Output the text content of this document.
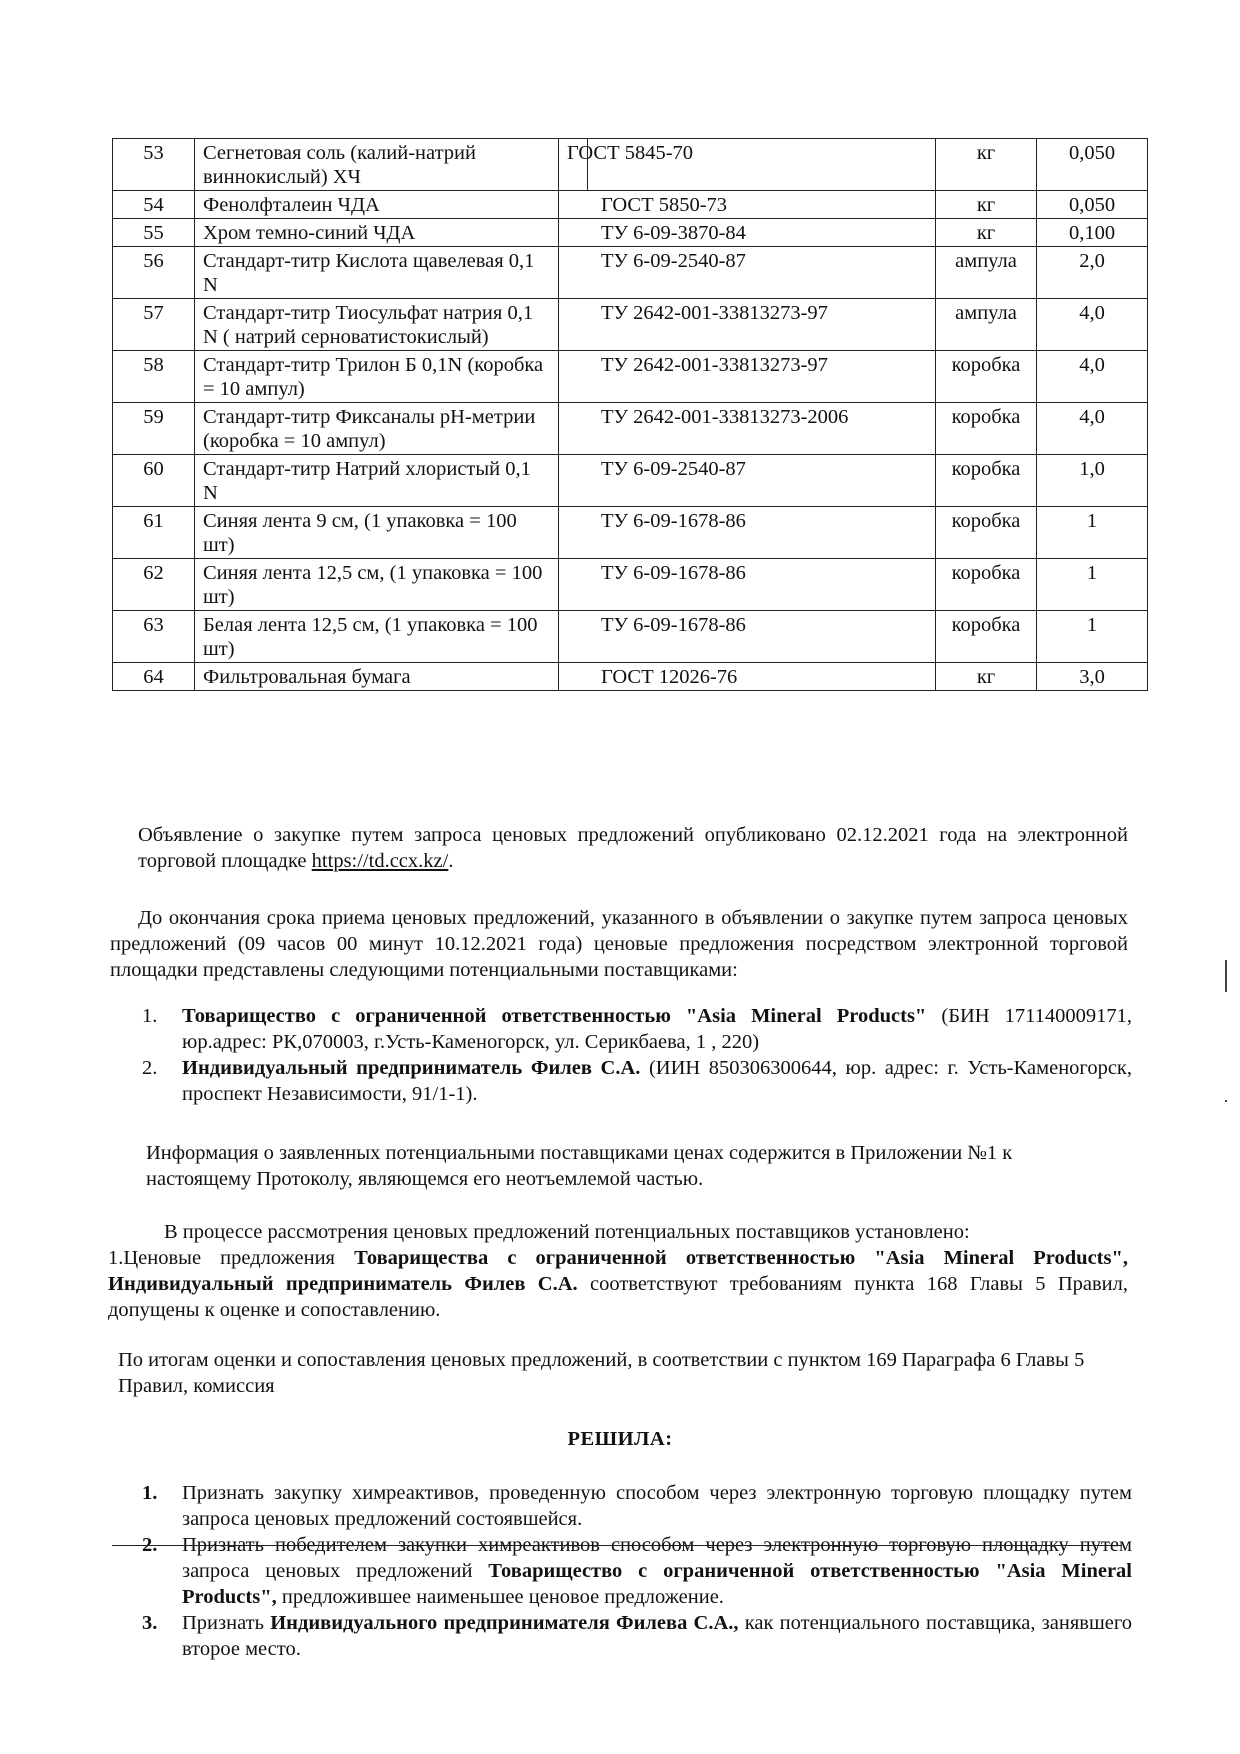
53	Сегнетовая соль (калий-натрий виннокислый) ХЧ	ГОСТ 5845-70	кг	0,050
54	Фенолфталеин ЧДА	ГОСТ 5850-73	кг	0,050
55	Хром темно-синий ЧДА	ТУ 6-09-3870-84	кг	0,100
56	Стандарт-титр Кислота щавелевая 0,1 N	ТУ 6-09-2540-87	ампула	2,0
57	Стандарт-титр Тиосульфат натрия 0,1 N ( натрий серноватистокислый)	ТУ 2642-001-33813273-97	ампула	4,0
58	Стандарт-титр Трилон Б 0,1N (коробка = 10 ампул)	ТУ 2642-001-33813273-97	коробка	4,0
59	Стандарт-титр Фиксаналы рН-метрии (коробка = 10 ампул)	ТУ 2642-001-33813273-2006	коробка	4,0
60	Стандарт-титр Натрий хлористый 0,1 N	ТУ 6-09-2540-87	коробка	1,0
61	Синяя лента 9 см, (1 упаковка = 100 шт)	ТУ 6-09-1678-86	коробка	1
62	Синяя лента 12,5 см, (1 упаковка = 100 шт)	ТУ 6-09-1678-86	коробка	1
63	Белая лента 12,5 см, (1 упаковка = 100 шт)	ТУ 6-09-1678-86	коробка	1
64	Фильтровальная бумага	ГОСТ 12026-76	кг	3,0
Объявление о закупке путем запроса ценовых предложений опубликовано 02.12.2021 года на электронной торговой площадке https://td.ccx.kz/.
До окончания срока приема ценовых предложений, указанного в объявлении о закупке путем запроса ценовых предложений (09 часов 00 минут 10.12.2021 года) ценовые предложения посредством электронной торговой площадки представлены следующими потенциальными поставщиками:
1.	Товарищество с ограниченной ответственностью "Asia Mineral Products" (БИН 171140009171, юр.адрес: РК,070003, г.Усть-Каменогорск, ул. Серикбаева, 1 , 220)
2.	Индивидуальный предприниматель Филев С.А. (ИИН 850306300644, юр. адрес: г. Усть-Каменогорск, проспект Независимости, 91/1-1).
Информация о заявленных потенциальными поставщиками ценах содержится в Приложении №1 к настоящему Протоколу, являющемся его неотъемлемой частью.
В процессе рассмотрения ценовых предложений потенциальных поставщиков установлено:
1.Ценовые предложения Товарищества с ограниченной ответственностью "Asia Mineral Products", Индивидуальный предприниматель Филев С.А. соответствуют требованиям пункта 168 Главы 5 Правил, допущены к оценке и сопоставлению.
По итогам оценки и сопоставления ценовых предложений, в соответствии с пунктом 169 Параграфа 6 Главы 5 Правил, комиссия
РЕШИЛА:
1.	Признать закупку химреактивов, проведенную способом через электронную торговую площадку путем запроса ценовых предложений состоявшейся.
2.	Признать победителем закупки химреактивов способом через электронную торговую площадку путем запроса ценовых предложений Товарищество с ограниченной ответственностью "Asia Mineral Products", предложившее наименьшее ценовое предложение.
3.	Признать Индивидуального предпринимателя Филева С.А., как потенциального поставщика, занявшего второе место.
